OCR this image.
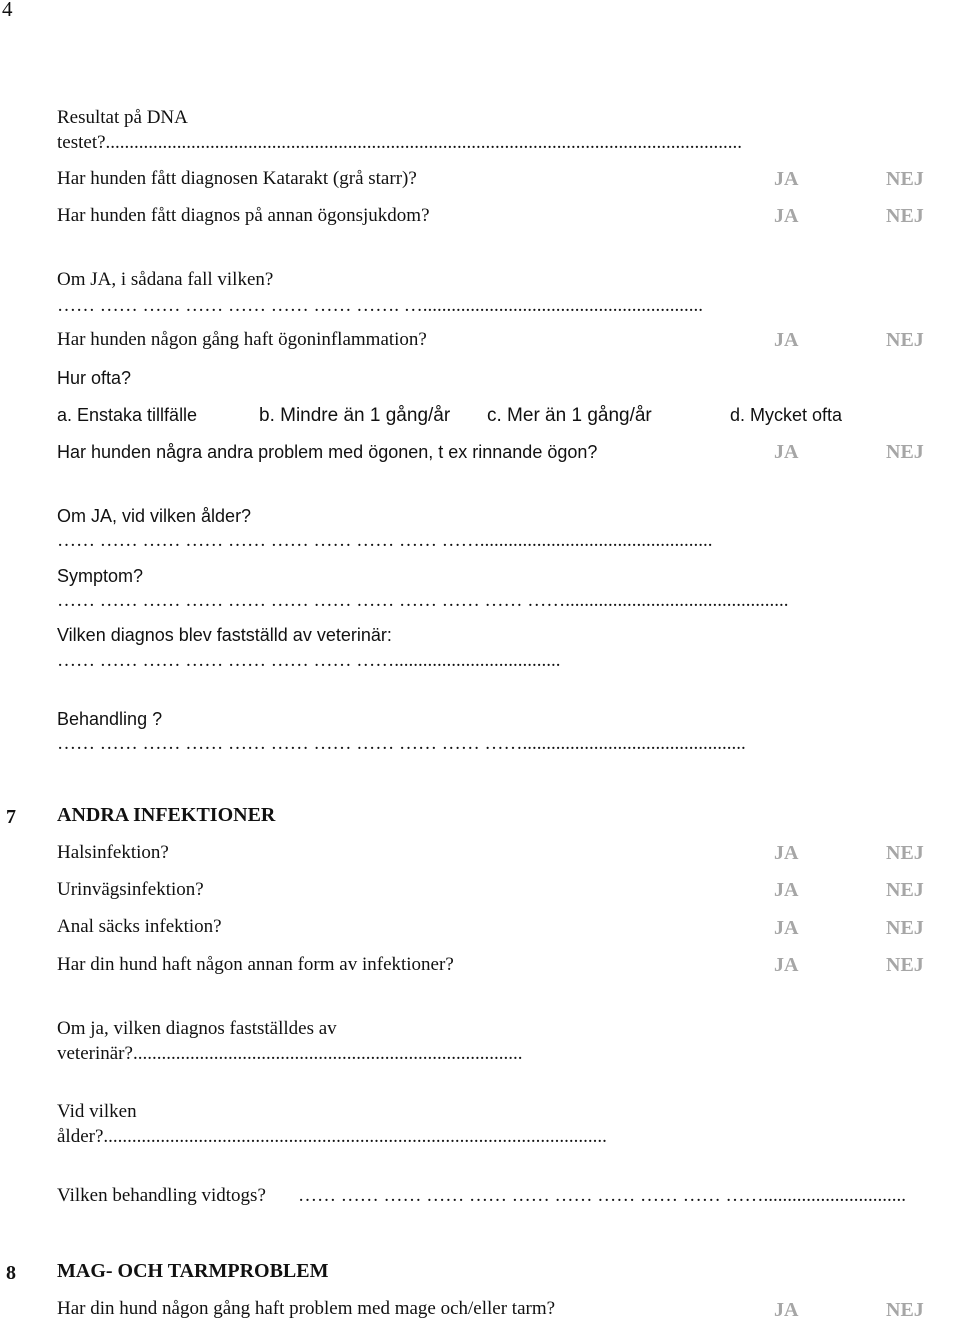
4
Resultat på DNA
testet?......................................................................................................................................
Har hunden fått diagnosen Katarakt (grå starr)?	JA	NEJ
Har hunden fått diagnos på annan ögonsjukdom?	JA	NEJ
Om JA, i sådana fall vilken?
…… …… …… …… …… …… …… ……. …...........................................................
Har hunden någon gång haft ögoninflammation?	JA	NEJ
Hur ofta?
a. Enstaka tillfälle	b. Mindre än 1 gång/år c. Mer än 1 gång/år	d. Mycket ofta
Har hunden några andra problem med ögonen, t ex rinnande ögon?	JA	NEJ
Om JA, vid vilken ålder?
…… …… …… …… …… …… …… …… …… …….................................................
Symptom?
…… …… …… …… …… …… …… …… …… …… …… ……...............................................
Vilken diagnos blev fastställd av veterinär:
…… …… …… …… …… …… …… ……...................................
Behandling ?
…… …… …… …… …… …… …… …… …… …… ……...............................................
7 ANDRA INFEKTIONER
Halsinfektion?	JA	NEJ
Urinvägsinfektion?	JA	NEJ
Anal säcks infektion?	JA	NEJ
Har din hund haft någon annan form av infektioner?	JA	NEJ
Om ja, vilken diagnos fastställdes av
veterinär?..................................................................................
Vid vilken
ålder?..........................................................................................................
Vilken behandling vidtogs? …… …… …… …… …… …… …… …… …… …… ……..............................
8 MAG- OCH TARMPROBLEM
Har din hund någon gång haft problem med mage och/eller tarm?	JA	NEJ
